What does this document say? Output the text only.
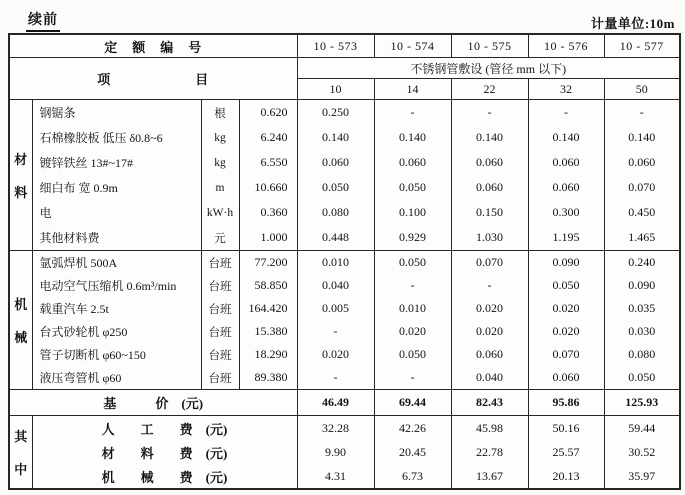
续前	计量单位:10m
定　额　编　号				10 - 573	10 - 574	10 - 575	10 - 576	10 - 577
项　　　　　　目				不锈钢管敷设 (管径 mm 以下)				
				10	14	22	32	50

材
料	钢锯条	根	0.620	0.250	-	-	-	-
	石棉橡胶板 低压 δ0.8~6	kg	6.240	0.140	0.140	0.140	0.140	0.140
	镀锌铁丝 13#~17#	kg	6.550	0.060	0.060	0.060	0.060	0.060
	细白布 宽 0.9m	m	10.660	0.050	0.050	0.060	0.060	0.070
	电	kW·h	0.360	0.080	0.100	0.150	0.300	0.450
	其他材料费	元	1.000	0.448	0.929	1.030	1.195	1.465

机
械	氩弧焊机 500A	台班	77.200	0.010	0.050	0.070	0.090	0.240
	电动空气压缩机 0.6m³/min	台班	58.850	0.040	-	-	0.050	0.090
	载重汽车 2.5t	台班	164.420	0.005	0.010	0.020	0.020	0.035
	台式砂轮机 φ250	台班	15.380	-	0.020	0.020	0.020	0.030
	管子切断机 φ60~150	台班	18.290	0.020	0.050	0.060	0.070	0.080
	液压弯管机 φ60	台班	89.380	-	-	0.040	0.060	0.050
基　　　价　(元)				46.49	69.44	82.43	95.86	125.93

其
中	人　　工　　费　(元)			32.28	42.26	45.98	50.16	59.44
	材　　料　　费　(元)			9.90	20.45	22.78	25.57	30.52
	机　　械　　费　(元)			4.31	6.73	13.67	20.13	35.97
